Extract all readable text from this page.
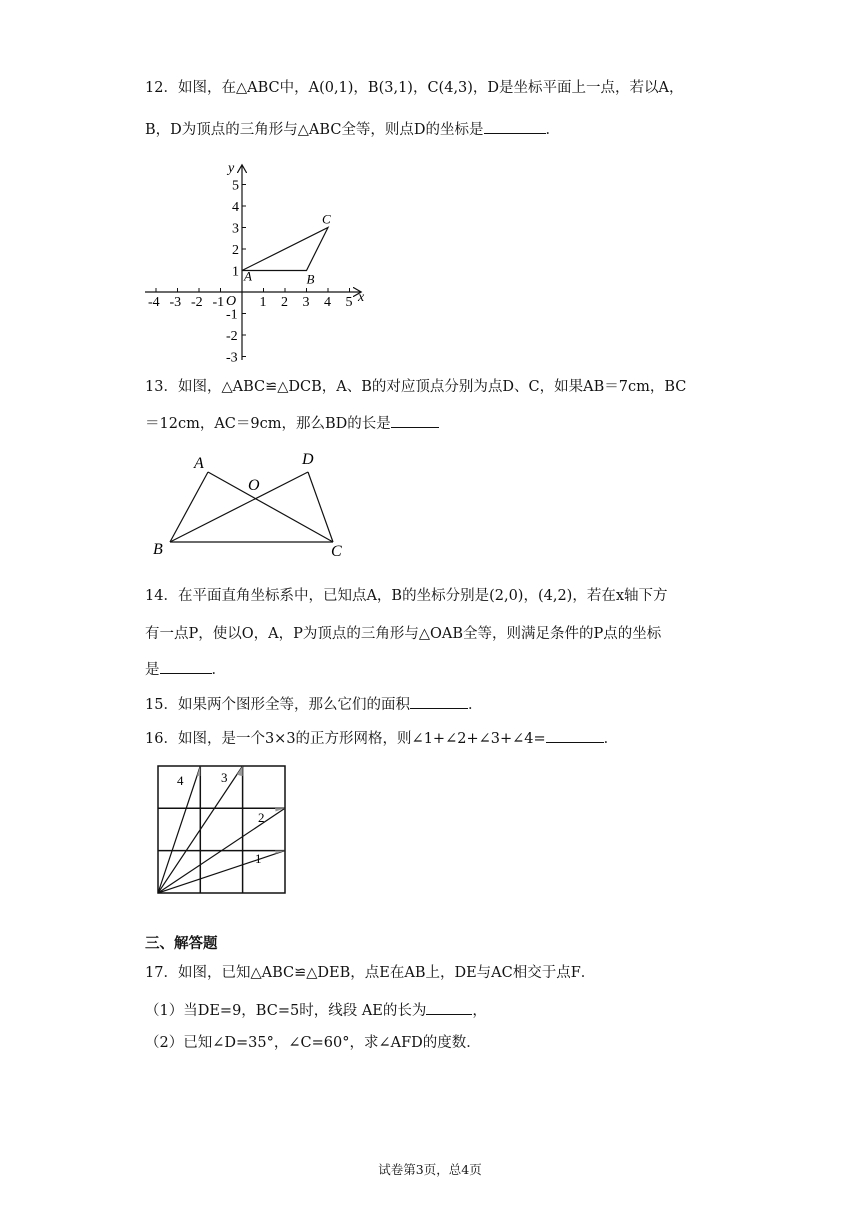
12．如图，在△ABC中，A(0,1)，B(3,1)，C(4,3)，D是坐标平面上一点，若以A，
B，D为顶点的三角形与△ABC全等，则点D的坐标是	．
-4 -3 -2 -1	1 2 3 4 5
1
2
3
4
5
-1
-2
-3
x
y
O
A	B
C
13．如图，△ABC≌△DCB，A、B的对应顶点分别为点D、C，如果AB＝7cm，BC
＝12cm，AC＝9cm，那么BD的长是
A	D
O
B	C
14．在平面直角坐标系中，已知点A，B的坐标分别是(2,0)，(4,2)，若在x轴下方
有一点P，使以O，A，P为顶点的三角形与△OAB全等，则满足条件的P点的坐标
是	．
15．如果两个图形全等，那么它们的面积	．
16．如图，是一个3×3的正方形网格，则∠1+∠2+∠3+∠4=	．
1
2
3
4
三、解答题
17．如图，已知△ABC≌△DEB，点E在AB上，DE与AC相交于点F．
（1）当DE=9，BC=5时，线段 AE的长为	，
（2）已知∠D=35°，∠C=60°，求∠AFD的度数．
试卷第3页，总4页
